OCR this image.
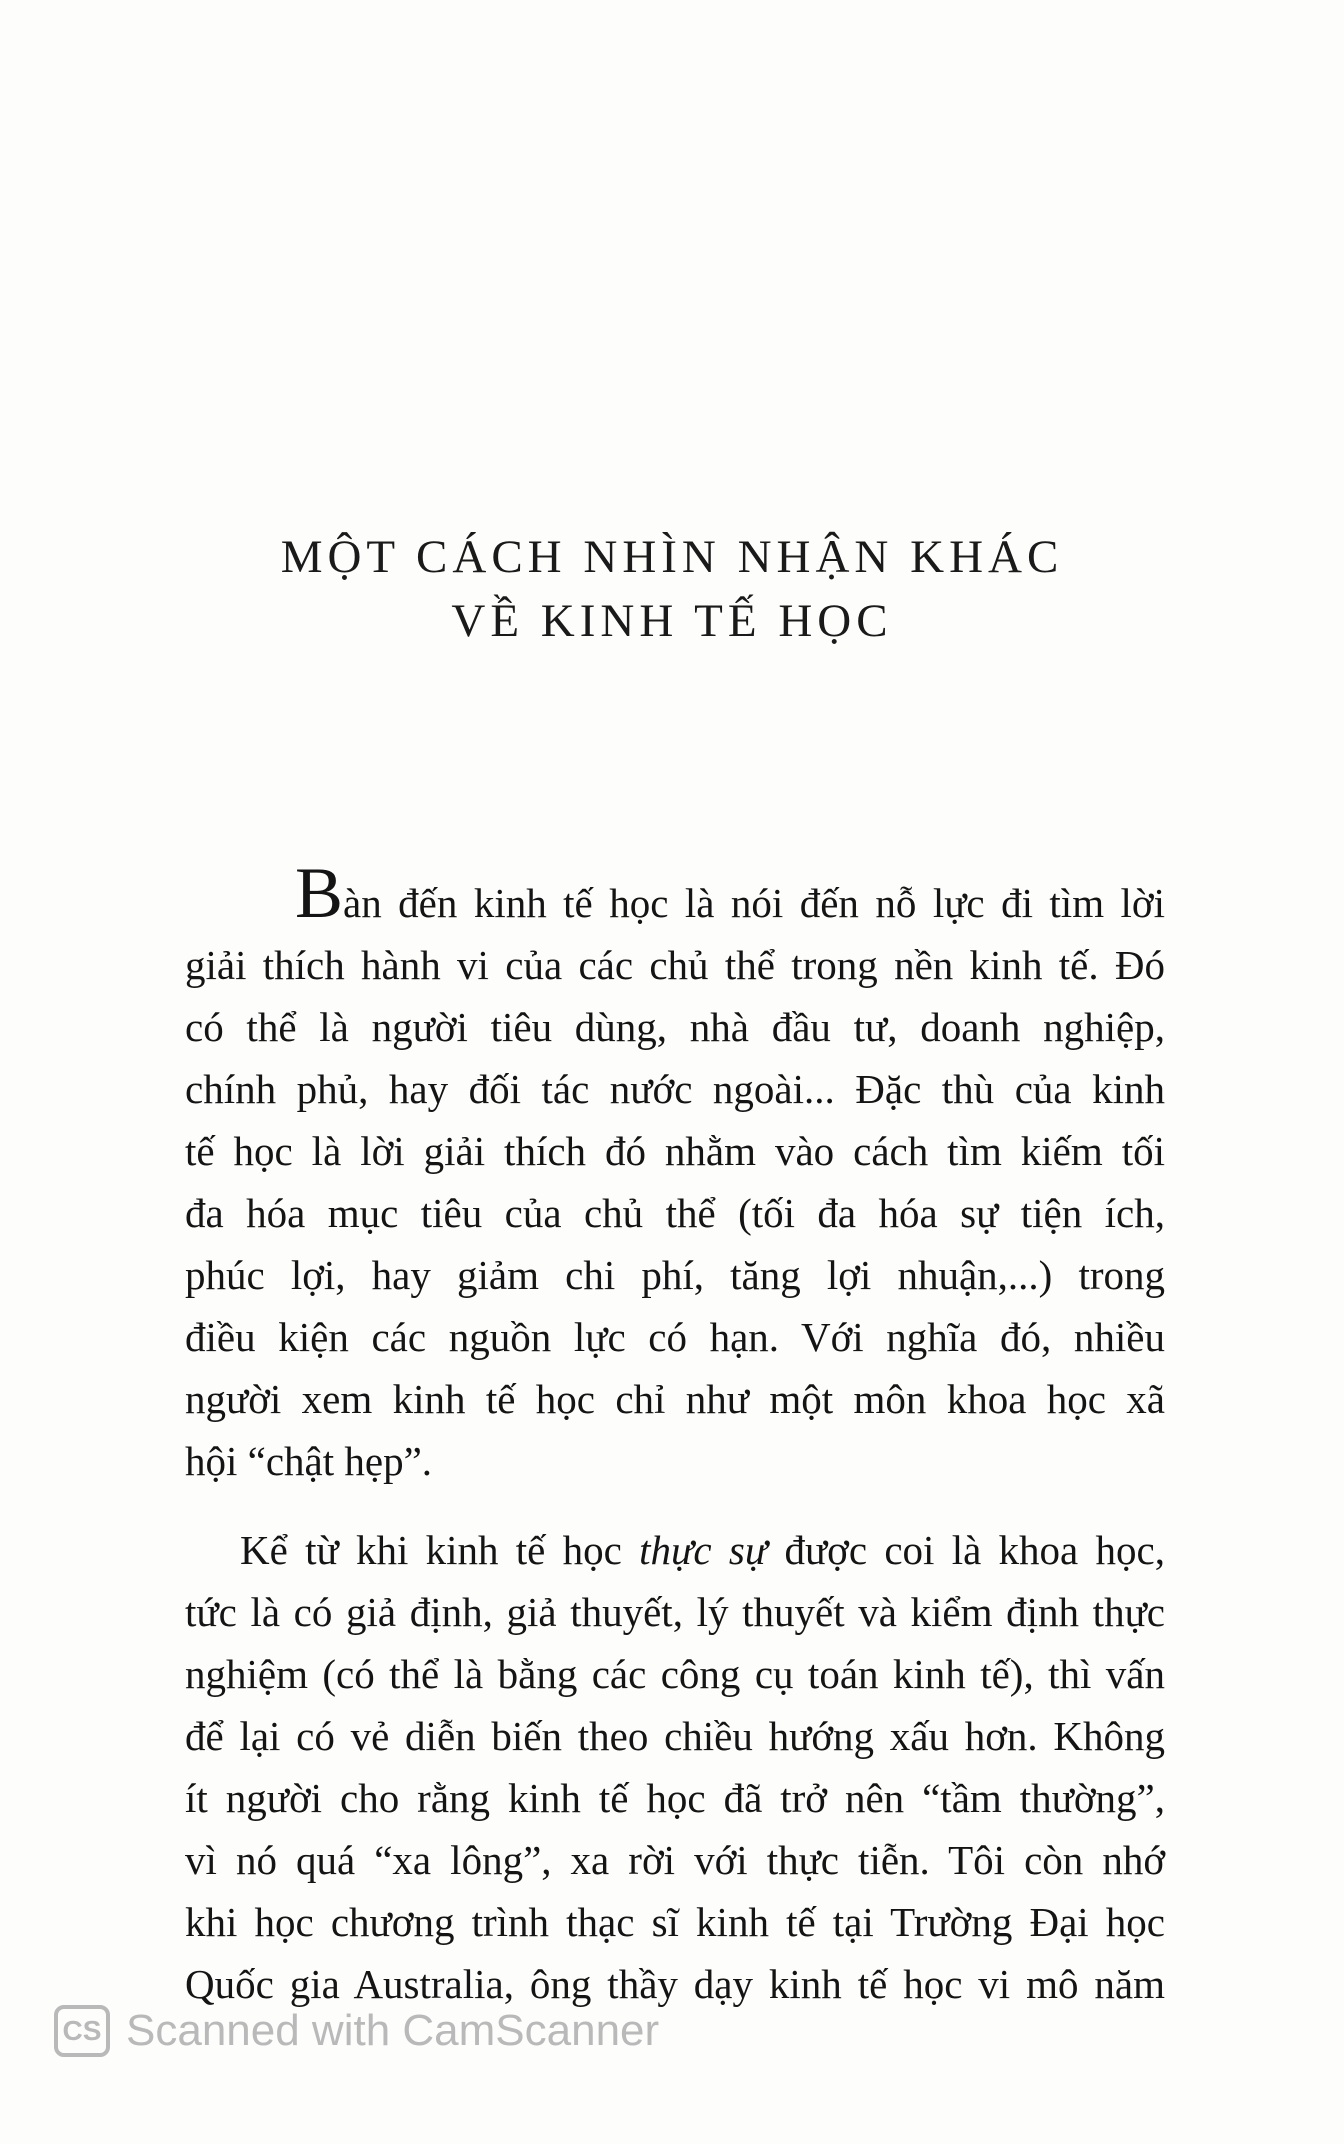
MỘT CÁCH NHÌN NHẬN KHÁC
VỀ KINH TẾ HỌC
Bàn đến kinh tế học là nói đến nỗ lực đi tìm lời
giải thích hành vi của các chủ thể trong nền kinh tế. Đó
có thể là người tiêu dùng, nhà đầu tư, doanh nghiệp,
chính phủ, hay đối tác nước ngoài... Đặc thù của kinh
tế học là lời giải thích đó nhằm vào cách tìm kiếm tối
đa hóa mục tiêu của chủ thể (tối đa hóa sự tiện ích,
phúc lợi, hay giảm chi phí, tăng lợi nhuận,...) trong
điều kiện các nguồn lực có hạn. Với nghĩa đó, nhiều
người xem kinh tế học chỉ như một môn khoa học xã
hội “chật hẹp”.
Kể từ khi kinh tế học thực sự được coi là khoa học,
tức là có giả định, giả thuyết, lý thuyết và kiểm định thực
nghiệm (có thể là bằng các công cụ toán kinh tế), thì vấn
để lại có vẻ diễn biến theo chiều hướng xấu hơn. Không
ít người cho rằng kinh tế học đã trở nên “tầm thường”,
vì nó quá “xa lông”, xa rời với thực tiễn. Tôi còn nhớ
khi học chương trình thạc sĩ kinh tế tại Trường Đại học
Quốc gia Australia, ông thầy dạy kinh tế học vi mô năm
CS Scanned with CamScanner
